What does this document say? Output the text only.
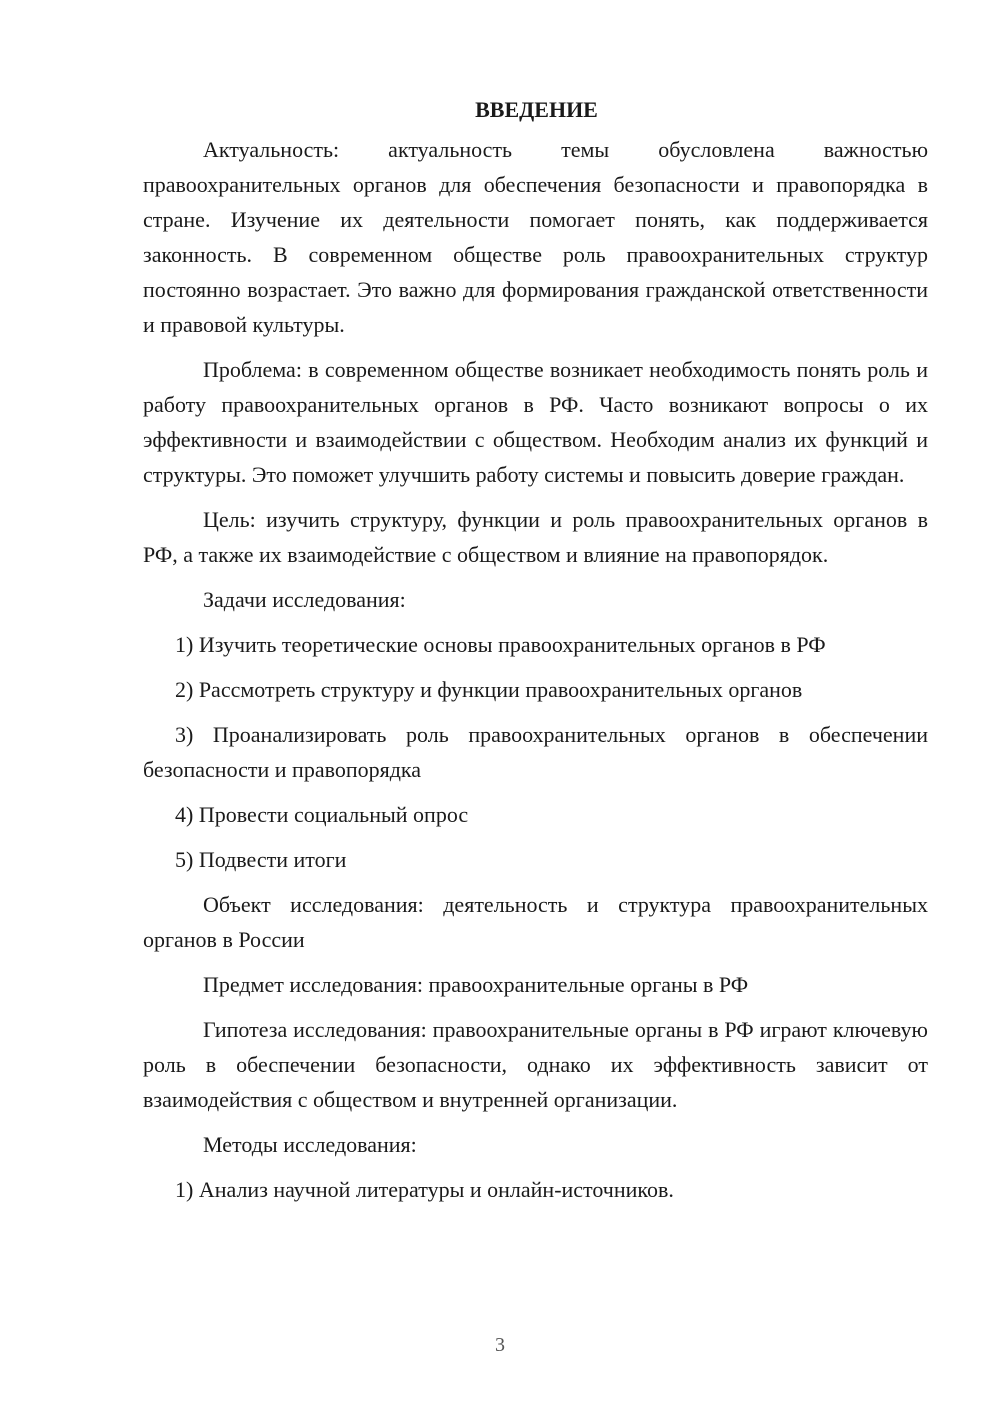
ВВЕДЕНИЕ

Актуальность: актуальность темы обусловлена важностью правоохранительных органов для обеспечения безопасности и правопорядка в стране. Изучение их деятельности помогает понять, как поддерживается законность. В современном обществе роль правоохранительных структур постоянно возрастает. Это важно для формирования гражданской ответственности и правовой культуры.

Проблема: в современном обществе возникает необходимость понять роль и работу правоохранительных органов в РФ. Часто возникают вопросы о их эффективности и взаимодействии с обществом. Необходим анализ их функций и структуры. Это поможет улучшить работу системы и повысить доверие граждан.

Цель: изучить структуру, функции и роль правоохранительных органов в РФ, а также их взаимодействие с обществом и влияние на правопорядок.

Задачи исследования:

1) Изучить теоретические основы правоохранительных органов в РФ

2) Рассмотреть структуру и функции правоохранительных органов

3) Проанализировать роль правоохранительных органов в обеспечении безопасности и правопорядка

4) Провести социальный опрос

5) Подвести итоги

Объект исследования: деятельность и структура правоохранительных органов в России

Предмет исследования: правоохранительные органы в РФ

Гипотеза исследования: правоохранительные органы в РФ играют ключевую роль в обеспечении безопасности, однако их эффективность зависит от взаимодействия с обществом и внутренней организации.

Методы исследования:

1) Анализ научной литературы и онлайн-источников.

3
